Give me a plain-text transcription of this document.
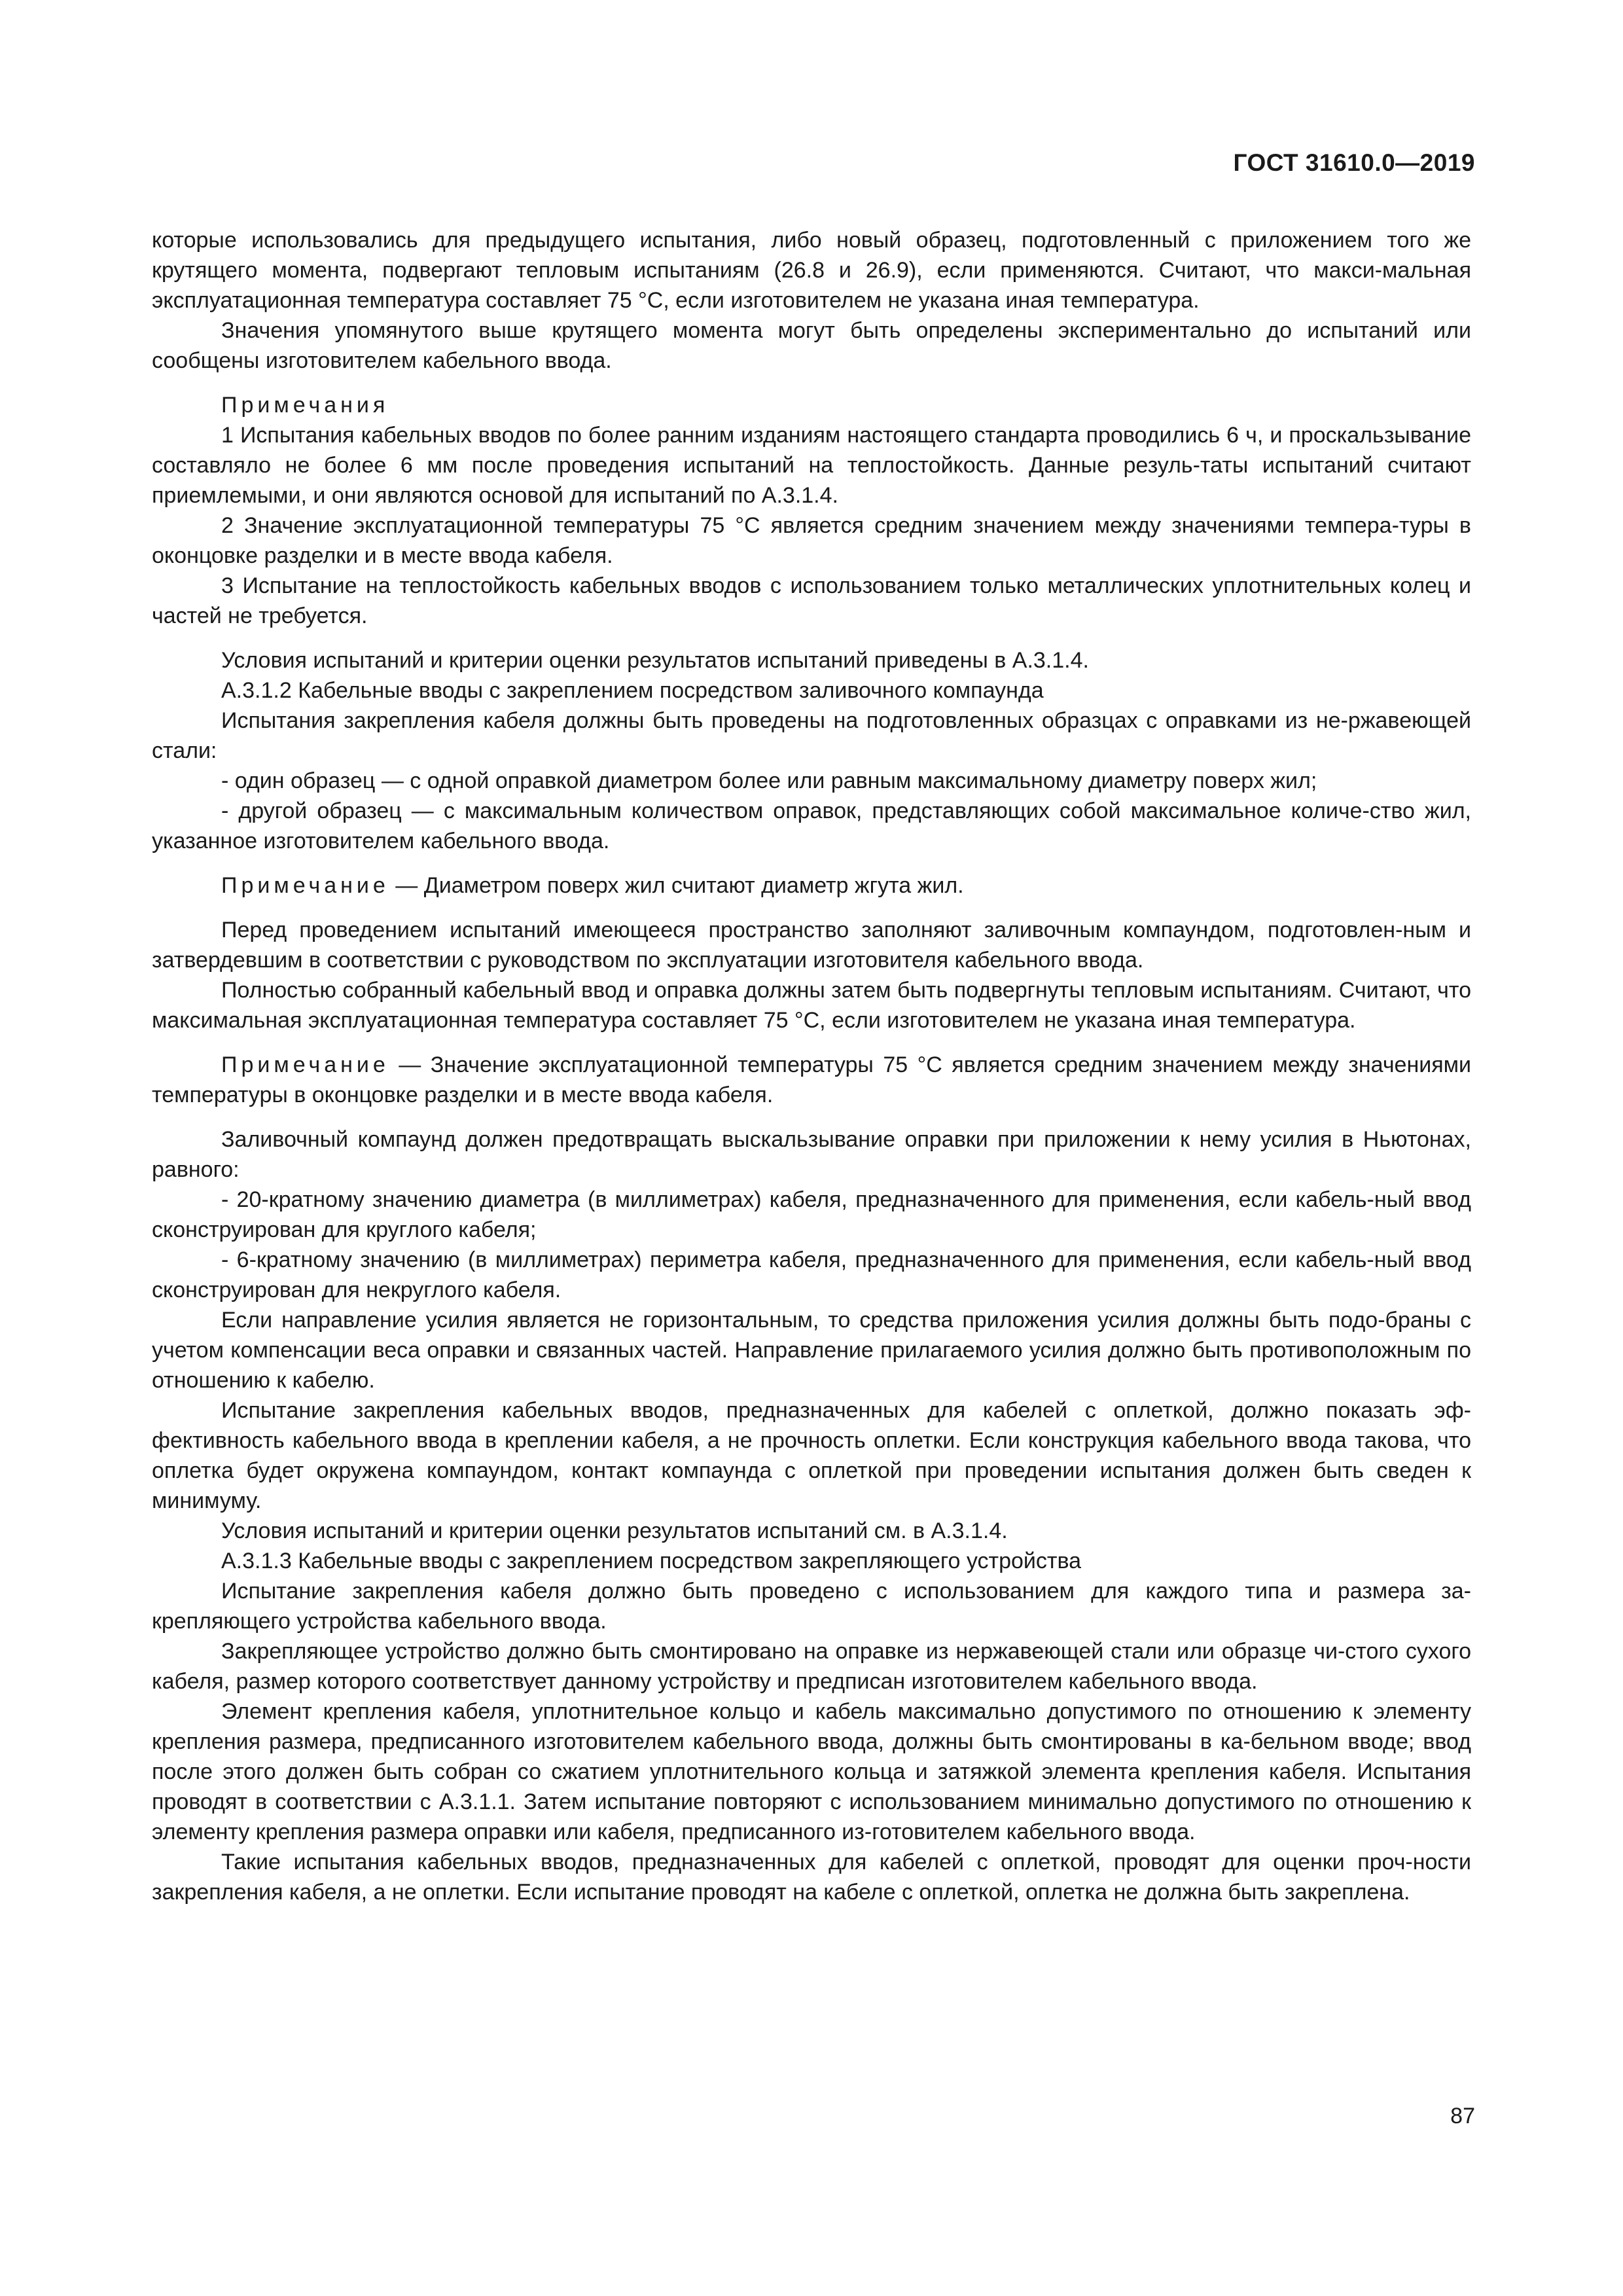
ГОСТ 31610.0—2019

которые использовались для предыдущего испытания, либо новый образец, подготовленный с приложением того же крутящего момента, подвергают тепловым испытаниям (26.8 и 26.9), если применяются. Считают, что макси-мальная эксплуатационная температура составляет 75 °С, если изготовителем не указана иная температура.

Значения упомянутого выше крутящего момента могут быть определены экспериментально до испытаний или сообщены изготовителем кабельного ввода.

Примечания

1 Испытания кабельных вводов по более ранним изданиям настоящего стандарта проводились 6 ч, и проскальзывание составляло не более 6 мм после проведения испытаний на теплостойкость. Данные резуль-таты испытаний считают приемлемыми, и они являются основой для испытаний по А.3.1.4.

2 Значение эксплуатационной температуры 75 °С является средним значением между значениями темпера-туры в оконцовке разделки и в месте ввода кабеля.

3 Испытание на теплостойкость кабельных вводов с использованием только металлических уплотнительных колец и частей не требуется.

Условия испытаний и критерии оценки результатов испытаний приведены в А.3.1.4.

А.3.1.2 Кабельные вводы с закреплением посредством заливочного компаунда

Испытания закрепления кабеля должны быть проведены на подготовленных образцах с оправками из не-ржавеющей стали:

- один образец — с одной оправкой диаметром более или равным максимальному диаметру поверх жил;

- другой образец — с максимальным количеством оправок, представляющих собой максимальное количе-ство жил, указанное изготовителем кабельного ввода.

Примечание — Диаметром поверх жил считают диаметр жгута жил.

Перед проведением испытаний имеющееся пространство заполняют заливочным компаундом, подготовлен-ным и затвердевшим в соответствии с руководством по эксплуатации изготовителя кабельного ввода.

Полностью собранный кабельный ввод и оправка должны затем быть подвергнуты тепловым испытаниям. Считают, что максимальная эксплуатационная температура составляет 75 °С, если изготовителем не указана иная температура.

Примечание — Значение эксплуатационной температуры 75 °С является средним значением между значениями температуры в оконцовке разделки и в месте ввода кабеля.

Заливочный компаунд должен предотвращать выскальзывание оправки при приложении к нему усилия в Ньютонах, равного:

- 20-кратному значению диаметра (в миллиметрах) кабеля, предназначенного для применения, если кабель-ный ввод сконструирован для круглого кабеля;

- 6-кратному значению (в миллиметрах) периметра кабеля, предназначенного для применения, если кабель-ный ввод сконструирован для некруглого кабеля.

Если направление усилия является не горизонтальным, то средства приложения усилия должны быть подо-браны с учетом компенсации веса оправки и связанных частей. Направление прилагаемого усилия должно быть противоположным по отношению к кабелю.

Испытание закрепления кабельных вводов, предназначенных для кабелей с оплеткой, должно показать эф-фективность кабельного ввода в креплении кабеля, а не прочность оплетки. Если конструкция кабельного ввода такова, что оплетка будет окружена компаундом, контакт компаунда с оплеткой при проведении испытания должен быть сведен к минимуму.

Условия испытаний и критерии оценки результатов испытаний см. в А.3.1.4.

А.3.1.3 Кабельные вводы с закреплением посредством закрепляющего устройства

Испытание закрепления кабеля должно быть проведено с использованием для каждого типа и размера за-крепляющего устройства кабельного ввода.

Закрепляющее устройство должно быть смонтировано на оправке из нержавеющей стали или образце чи-стого сухого кабеля, размер которого соответствует данному устройству и предписан изготовителем кабельного ввода.

Элемент крепления кабеля, уплотнительное кольцо и кабель максимально допустимого по отношению к элементу крепления размера, предписанного изготовителем кабельного ввода, должны быть смонтированы в ка-бельном вводе; ввод после этого должен быть собран со сжатием уплотнительного кольца и затяжкой элемента крепления кабеля. Испытания проводят в соответствии с А.3.1.1. Затем испытание повторяют с использованием минимально допустимого по отношению к элементу крепления размера оправки или кабеля, предписанного из-готовителем кабельного ввода.

Такие испытания кабельных вводов, предназначенных для кабелей с оплеткой, проводят для оценки проч-ности закрепления кабеля, а не оплетки. Если испытание проводят на кабеле с оплеткой, оплетка не должна быть закреплена.

87
